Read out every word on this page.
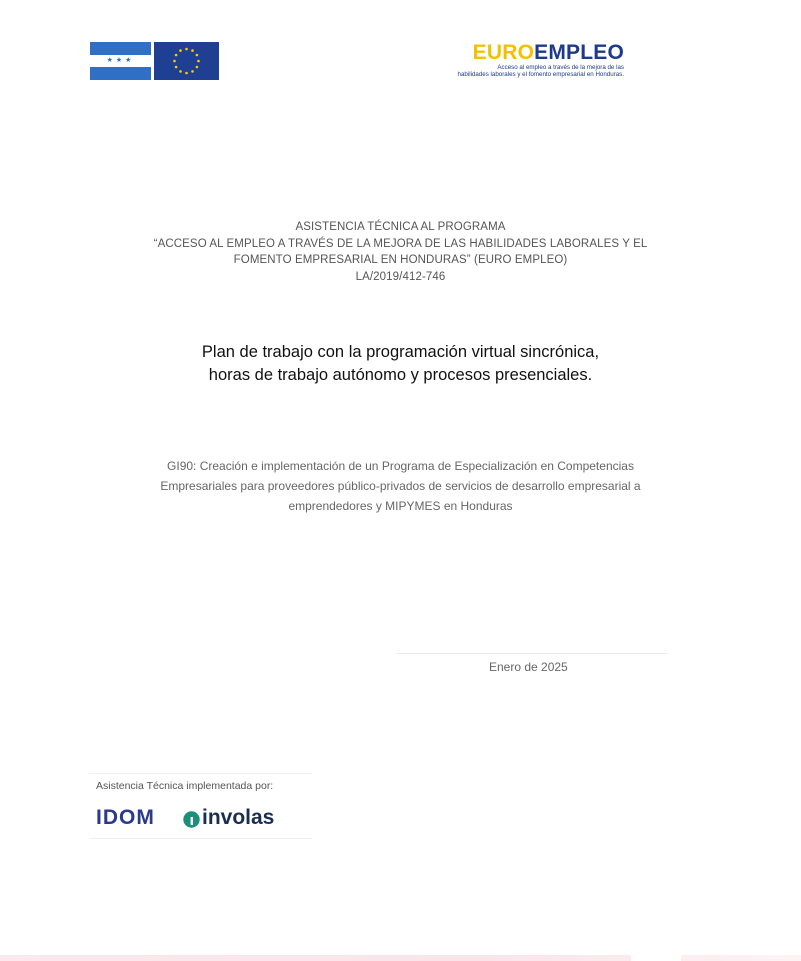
★★★	EUROEMPLEO
Acceso al empleo a través de la mejora de las
habilidades laborales y el fomento empresarial en Honduras.
ASISTENCIA TÉCNICA AL PROGRAMA
“ACCESO AL EMPLEO A TRAVÉS DE LA MEJORA DE LAS HABILIDADES LABORALES Y EL
FOMENTO EMPRESARIAL EN HONDURAS” (EURO EMPLEO)
LA/2019/412-746
Plan de trabajo con la programación virtual sincrónica,
horas de trabajo autónomo y procesos presenciales.
GI90: Creación e implementación de un Programa de Especialización en Competencias
Empresariales para proveedores público-privados de servicios de desarrollo empresarial a
emprendedores y MIPYMES en Honduras
Enero de 2025
Asistencia Técnica implementada por:
IDOM involas
